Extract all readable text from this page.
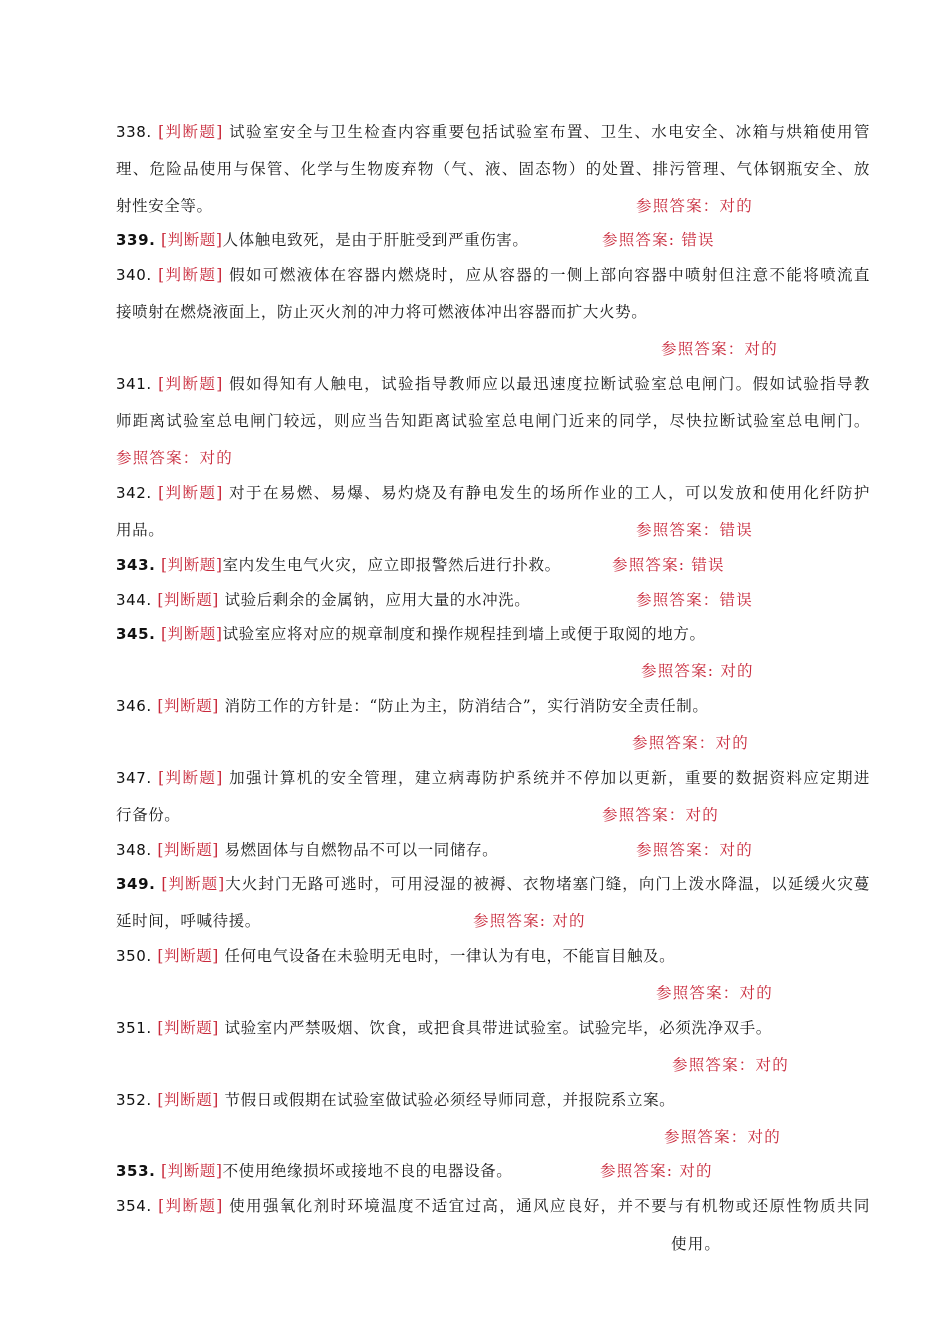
338. [判断题] 试验室安全与卫生检查内容重要包括试验室布置、卫生、水电安全、冰箱与烘箱使用管
理、危险品使用与保管、化学与生物废弃物（气、液、固态物）的处置、排污管理、气体钢瓶安全、放
射性安全等。	参照答案：对的
339. [判断题]人体触电致死，是由于肝脏受到严重伤害。	参照答案: 错误
340. [判断题] 假如可燃液体在容器内燃烧时，应从容器的一侧上部向容器中喷射但注意不能将喷流直
接喷射在燃烧液面上，防止灭火剂的冲力将可燃液体冲出容器而扩大火势。
参照答案：对的
341. [判断题] 假如得知有人触电，试验指导教师应以最迅速度拉断试验室总电闸门。假如试验指导教
师距离试验室总电闸门较远，则应当告知距离试验室总电闸门近来的同学，尽快拉断试验室总电闸门。
参照答案：对的
342. [判断题] 对于在易燃、易爆、易灼烧及有静电发生的场所作业的工人，可以发放和使用化纤防护
用品。	参照答案：错误
343. [判断题]室内发生电气火灾，应立即报警然后进行扑救。	参照答案: 错误
344. [判断题] 试验后剩余的金属钠，应用大量的水冲洗。	参照答案：错误
345. [判断题]试验室应将对应的规章制度和操作规程挂到墙上或便于取阅的地方。
参照答案: 对的
346. [判断题] 消防工作的方针是：“防止为主，防消结合”，实行消防安全责任制。
参照答案：对的
347. [判断题] 加强计算机的安全管理，建立病毒防护系统并不停加以更新，重要的数据资料应定期进
行备份。	参照答案：对的
348. [判断题] 易燃固体与自燃物品不可以一同储存。	参照答案：对的
349. [判断题]大火封门无路可逃时，可用浸湿的被褥、衣物堵塞门缝，向门上泼水降温，以延缓火灾蔓
延时间，呼喊待援。	参照答案: 对的
350. [判断题] 任何电气设备在未验明无电时，一律认为有电，不能盲目触及。
参照答案：对的
351. [判断题] 试验室内严禁吸烟、饮食，或把食具带进试验室。试验完毕，必须洗净双手。
参照答案：对的
352. [判断题] 节假日或假期在试验室做试验必须经导师同意，并报院系立案。
参照答案：对的
353. [判断题]不使用绝缘损坏或接地不良的电器设备。	参照答案: 对的
354. [判断题] 使用强氧化剂时环境温度不适宜过高，通风应良好，并不要与有机物或还原性物质共同
使用。
